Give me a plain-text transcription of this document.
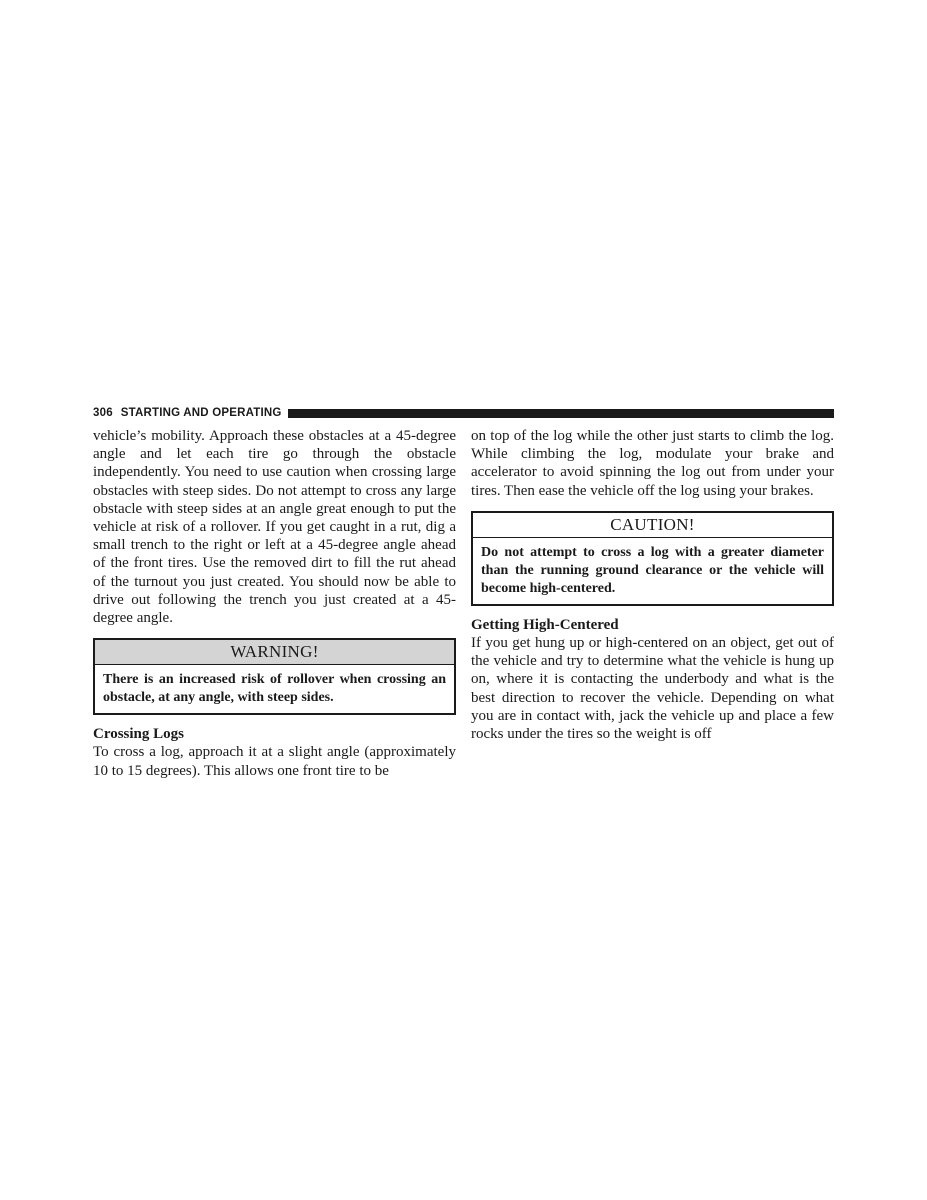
306 STARTING AND OPERATING

vehicle’s mobility. Approach these obstacles at a 45-degree angle and let each tire go through the obstacle independently. You need to use caution when crossing large obstacles with steep sides. Do not attempt to cross any large obstacle with steep sides at an angle great enough to put the vehicle at risk of a rollover. If you get caught in a rut, dig a small trench to the right or left at a 45-degree angle ahead of the front tires. Use the removed dirt to fill the rut ahead of the turnout you just created. You should now be able to drive out following the trench you just created at a 45-degree angle.

WARNING!
There is an increased risk of rollover when crossing an obstacle, at any angle, with steep sides.
Crossing Logs

To cross a log, approach it at a slight angle (approximately 10 to 15 degrees). This allows one front tire to be

on top of the log while the other just starts to climb the log. While climbing the log, modulate your brake and accelerator to avoid spinning the log out from under your tires. Then ease the vehicle off the log using your brakes.

CAUTION!
Do not attempt to cross a log with a greater diameter than the running ground clearance or the vehicle will become high-centered.
Getting High-Centered

If you get hung up or high-centered on an object, get out of the vehicle and try to determine what the vehicle is hung up on, where it is contacting the underbody and what is the best direction to recover the vehicle. Depending on what you are in contact with, jack the vehicle up and place a few rocks under the tires so the weight is off
